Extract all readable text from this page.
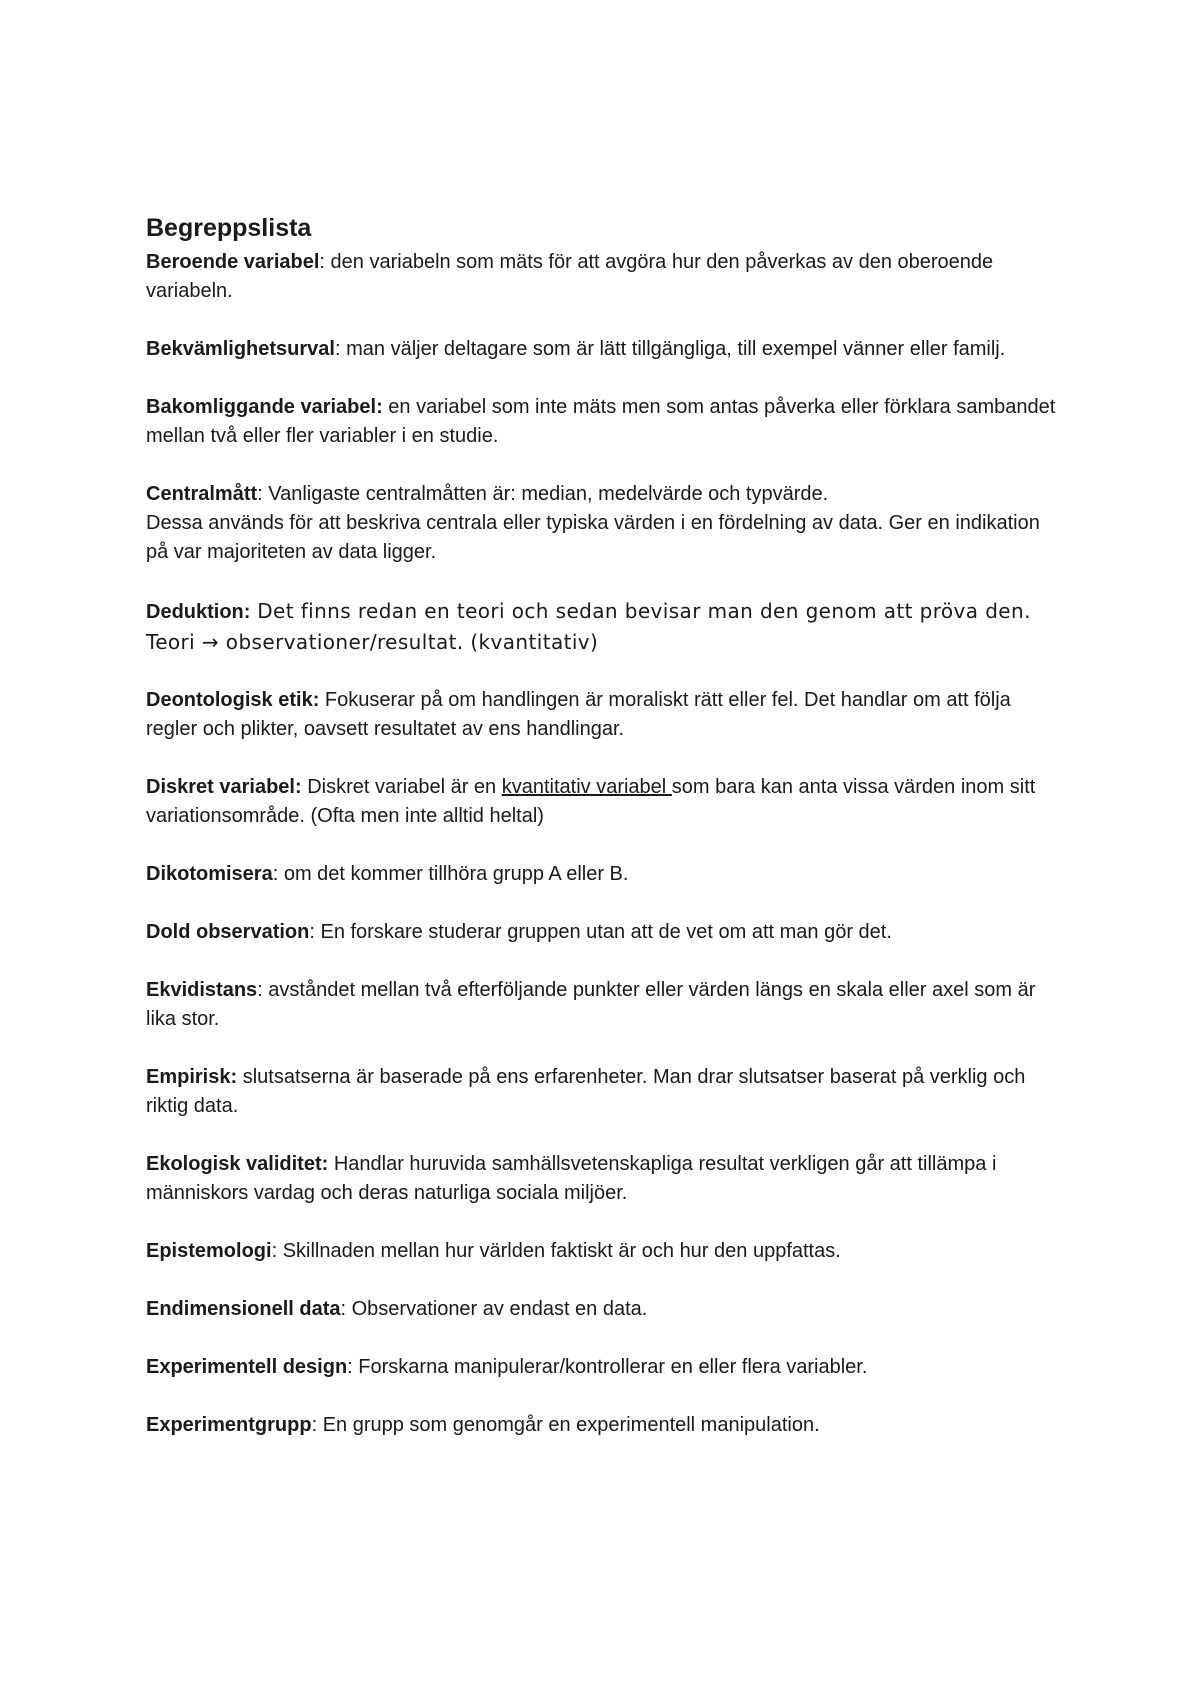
Begreppslista

Beroende variabel: den variabeln som mäts för att avgöra hur den påverkas av den oberoende variabeln.

Bekvämlighetsurval: man väljer deltagare som är lätt tillgängliga, till exempel vänner eller familj.

Bakomliggande variabel: en variabel som inte mäts men som antas påverka eller förklara sambandet mellan två eller fler variabler i en studie.

Centralmått: Vanligaste centralmåtten är: median, medelvärde och typvärde.
Dessa används för att beskriva centrala eller typiska värden i en fördelning av data. Ger en indikation på var majoriteten av data ligger.

Deduktion: Det finns redan en teori och sedan bevisar man den genom att pröva den. Teori → observationer/resultat. (kvantitativ)

Deontologisk etik: Fokuserar på om handlingen är moraliskt rätt eller fel. Det handlar om att följa regler och plikter, oavsett resultatet av ens handlingar.

Diskret variabel: Diskret variabel är en kvantitativ variabel som bara kan anta vissa värden inom sitt variationsområde. (Ofta men inte alltid heltal)

Dikotomisera: om det kommer tillhöra grupp A eller B.

Dold observation: En forskare studerar gruppen utan att de vet om att man gör det.

Ekvidistans: avståndet mellan två efterföljande punkter eller värden längs en skala eller axel som är lika stor.

Empirisk: slutsatserna är baserade på ens erfarenheter. Man drar slutsatser baserat på verklig och riktig data.

Ekologisk validitet: Handlar huruvida samhällsvetenskapliga resultat verkligen går att tillämpa i människors vardag och deras naturliga sociala miljöer.

Epistemologi: Skillnaden mellan hur världen faktiskt är och hur den uppfattas.

Endimensionell data: Observationer av endast en data.

Experimentell design: Forskarna manipulerar/kontrollerar en eller flera variabler.

Experimentgrupp: En grupp som genomgår en experimentell manipulation.
